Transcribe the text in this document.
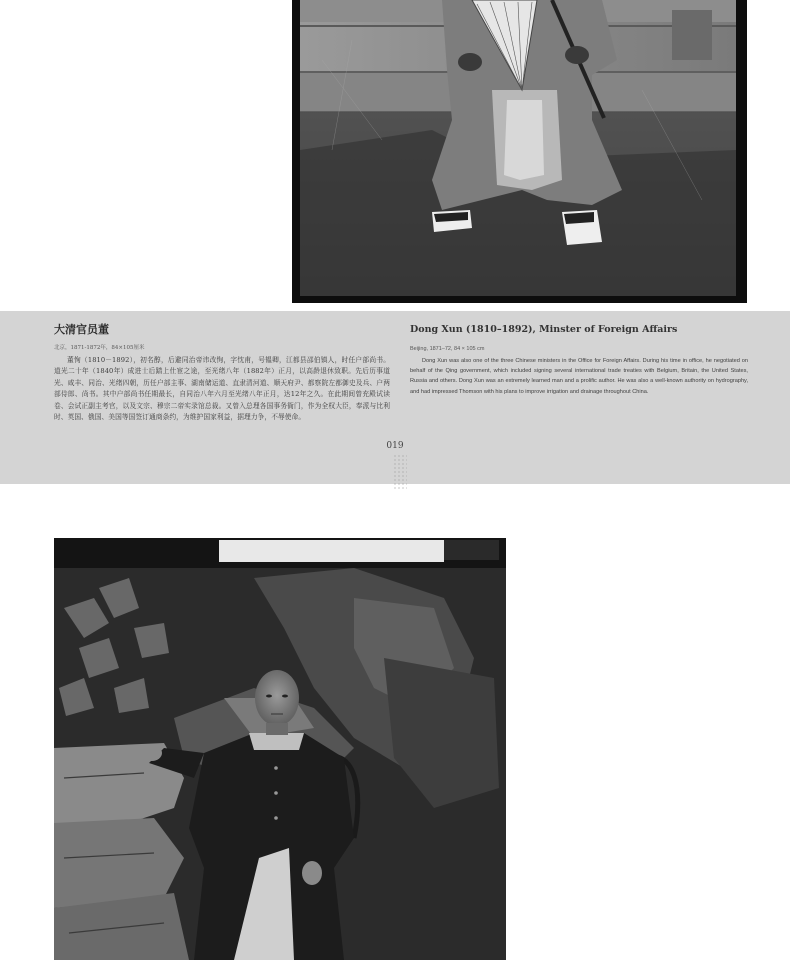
大清官员董
北京，1871-1872年，84×105厘米

董恂（1810－1892），初名醇，后避同治帝讳改恂，字忱甫，号韫卿，江都县邵伯镇人，时任户部尚书。道光二十年（1840年）成进士后踏上仕宦之途，至光绪八年（1882年）正月，以高龄退休致职。先后历事道光、咸丰、同治、光绪四朝，历任户部主事、湖南储运道、直隶清河道、顺天府尹、都察院左都御史及兵、户两部侍郎、尚书。其中户部尚书任期最长，自同治八年六月至光绪八年正月，达12年之久。在此期间曾充殿试读卷、会试正副主考官，以及文宗、穆宗二帝实录馆总裁。又曾入总理各国事务衙门，作为全权大臣，奉派与比利时、英国、俄国、美国等国签订通商条约，为维护国家利益，据理力争，不辱使命。

Dong Xun (1810–1892), Minster of Foreign Affairs
Beijing, 1871–72, 84 × 105 cm

Dong Xun was also one of the three Chinese ministers in the Office for Foreign Affairs. During his time in office, he negotiated on behalf of the Qing government, which included signing several international trade treaties with Belgium, Britain, the United States, Russia and others. Dong Xun was an extremely learned man and a prolific author. He was also a well-known authority on hydrography, and had impressed Thomson with his plans to improve irrigation and drainage throughout China.

019
